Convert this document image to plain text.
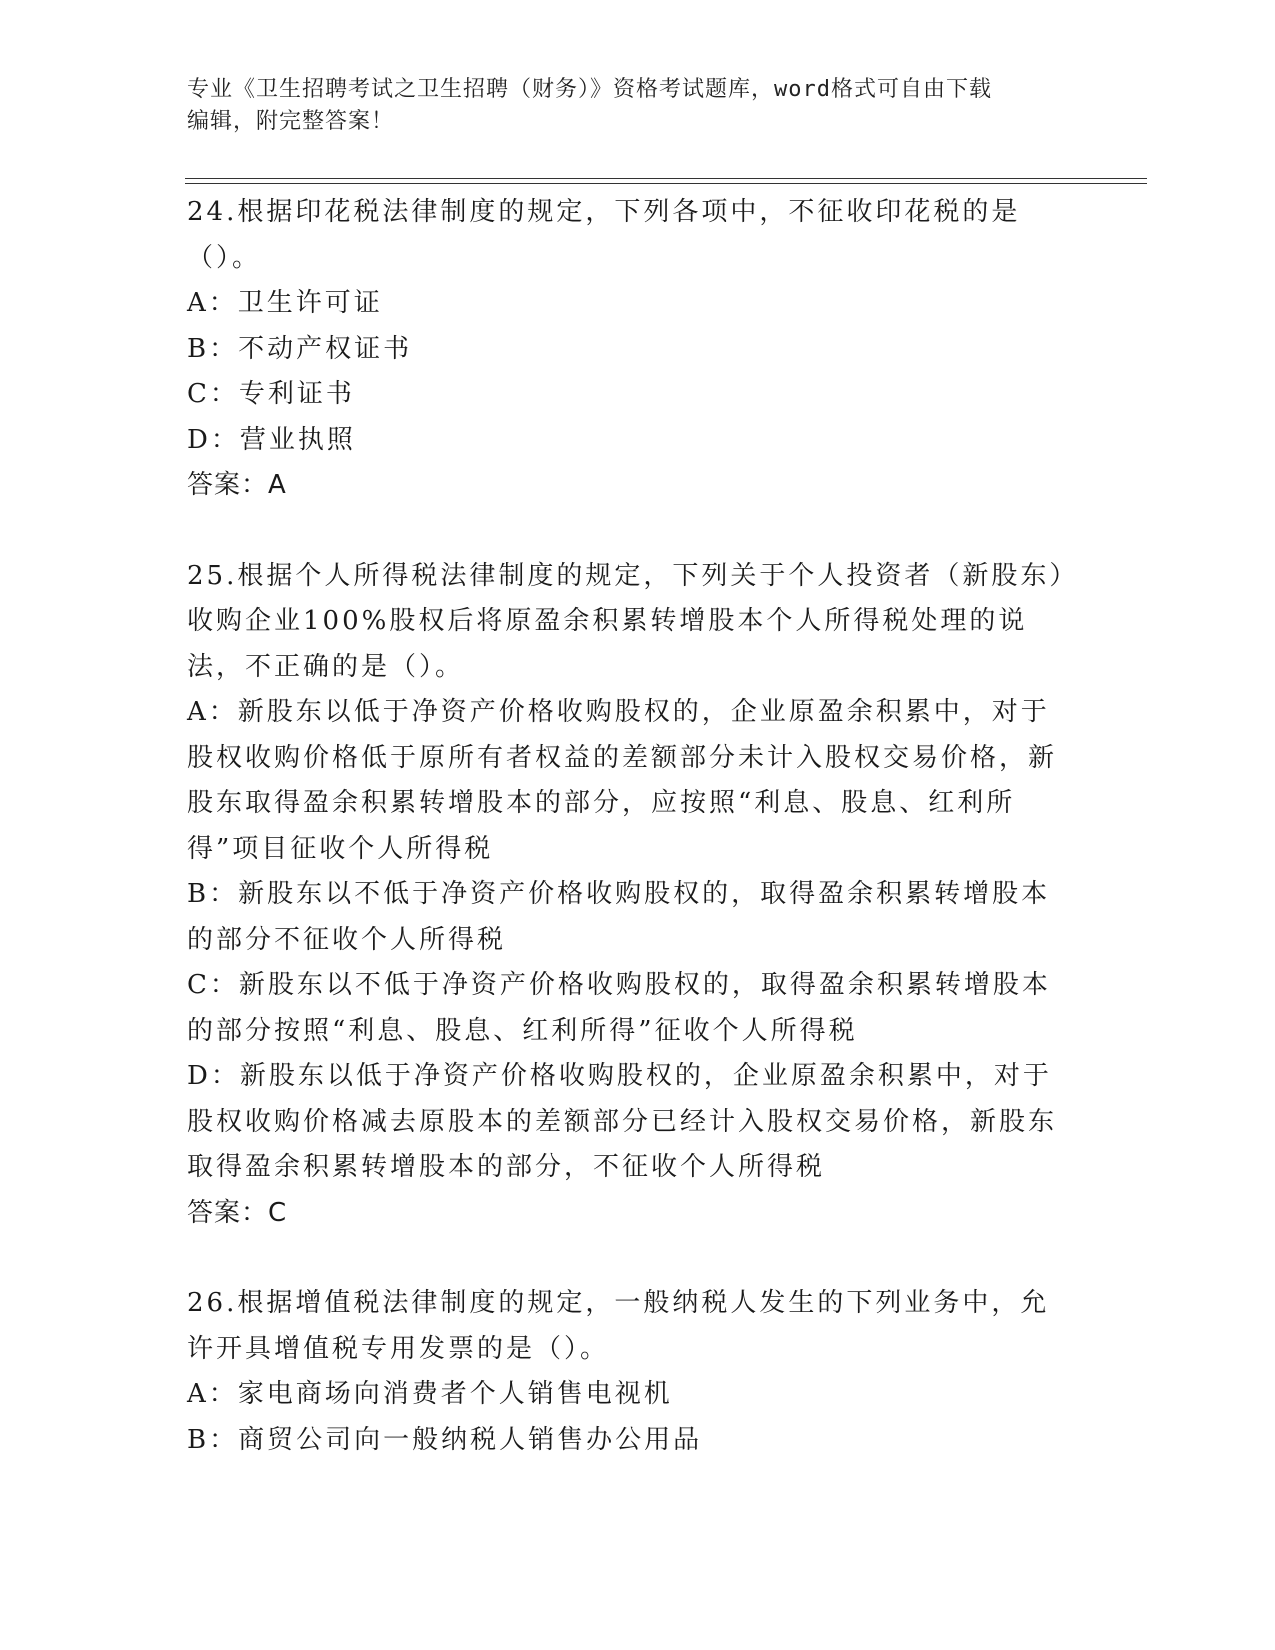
专业《卫生招聘考试之卫生招聘（财务）》资格考试题库，word格式可自由下载
编辑，附完整答案！
24.根据印花税法律制度的规定，下列各项中，不征收印花税的是（）。
A：卫生许可证
B：不动产权证书
C：专利证书
D：营业执照
答案：A
25.根据个人所得税法律制度的规定，下列关于个人投资者（新股东）收购企业100%股权后将原盈余积累转增股本个人所得税处理的说法，不正确的是（）。
A：新股东以低于净资产价格收购股权的，企业原盈余积累中，对于股权收购价格低于原所有者权益的差额部分未计入股权交易价格，新股东取得盈余积累转增股本的部分，应按照“利息、股息、红利所得”项目征收个人所得税
B：新股东以不低于净资产价格收购股权的，取得盈余积累转增股本的部分不征收个人所得税
C：新股东以不低于净资产价格收购股权的，取得盈余积累转增股本的部分按照“利息、股息、红利所得”征收个人所得税
D：新股东以低于净资产价格收购股权的，企业原盈余积累中，对于股权收购价格减去原股本的差额部分已经计入股权交易价格，新股东取得盈余积累转增股本的部分，不征收个人所得税
答案：C
26.根据增值税法律制度的规定，一般纳税人发生的下列业务中，允许开具增值税专用发票的是（）。
A：家电商场向消费者个人销售电视机
B：商贸公司向一般纳税人销售办公用品
